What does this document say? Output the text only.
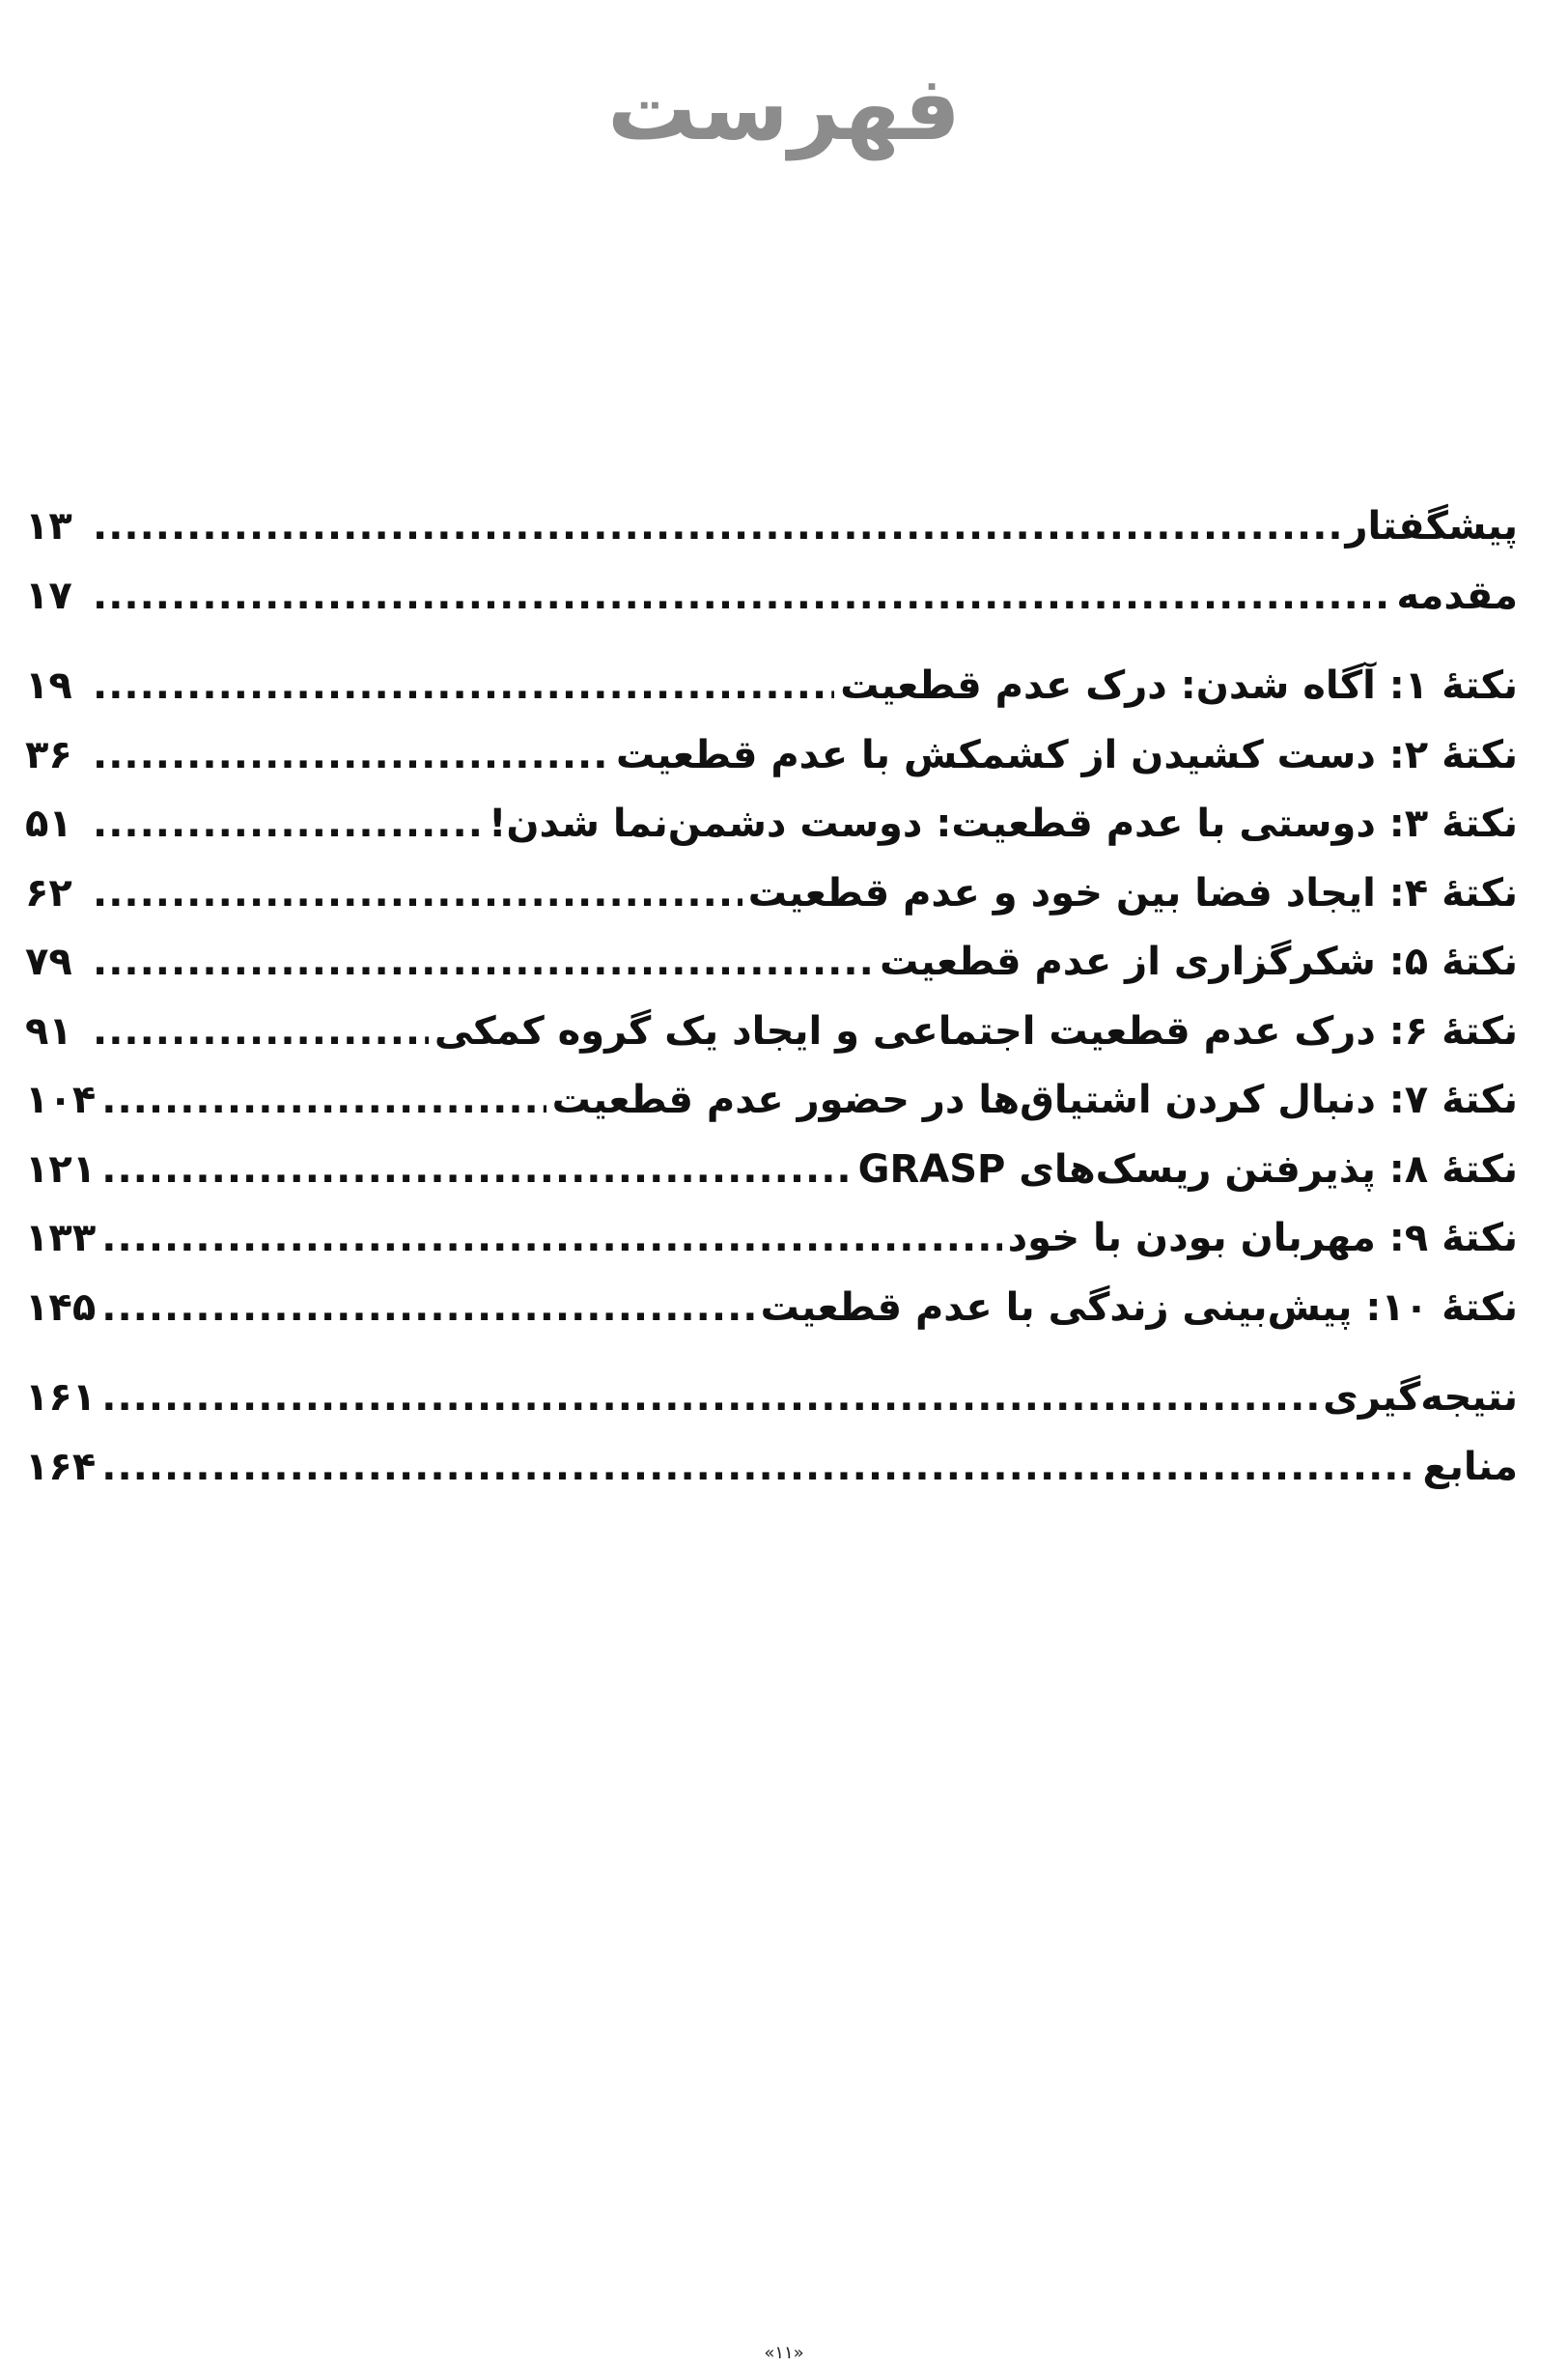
فهرست
پیشگفتار
.....
۱۳
مقدمه
.....
۱۷
نکتۀ ۱: آگاه شدن: درک عدم قطعیت
.....
۱۹
نکتۀ ۲: دست کشیدن از کشمکش با عدم قطعیت
.....
۳۶
نکتۀ ۳: دوستی با عدم قطعیت: دوست دشمن‌نما شدن!
.....
۵۱
نکتۀ ۴: ایجاد فضا بین خود و عدم قطعیت
.....
۶۲
نکتۀ ۵: شکرگزاری از عدم قطعیت
.....
۷۹
نکتۀ ۶: درک عدم قطعیت اجتماعی و ایجاد یک گروه کمکی
.....
۹۱
نکتۀ ۷: دنبال کردن اشتیاق‌ها در حضور عدم قطعیت
.....
۱۰۴
نکتۀ ۸: پذیرفتن ریسک‌های GRASP
.....
۱۲۱
نکتۀ ۹: مهربان بودن با خود
.....
۱۳۳
نکتۀ ۱۰: پیش‌بینی زندگی با عدم قطعیت
.....
۱۴۵
نتیجه‌گیری
.....
۱۶۱
منابع
.....
۱۶۴
«۱۱»
